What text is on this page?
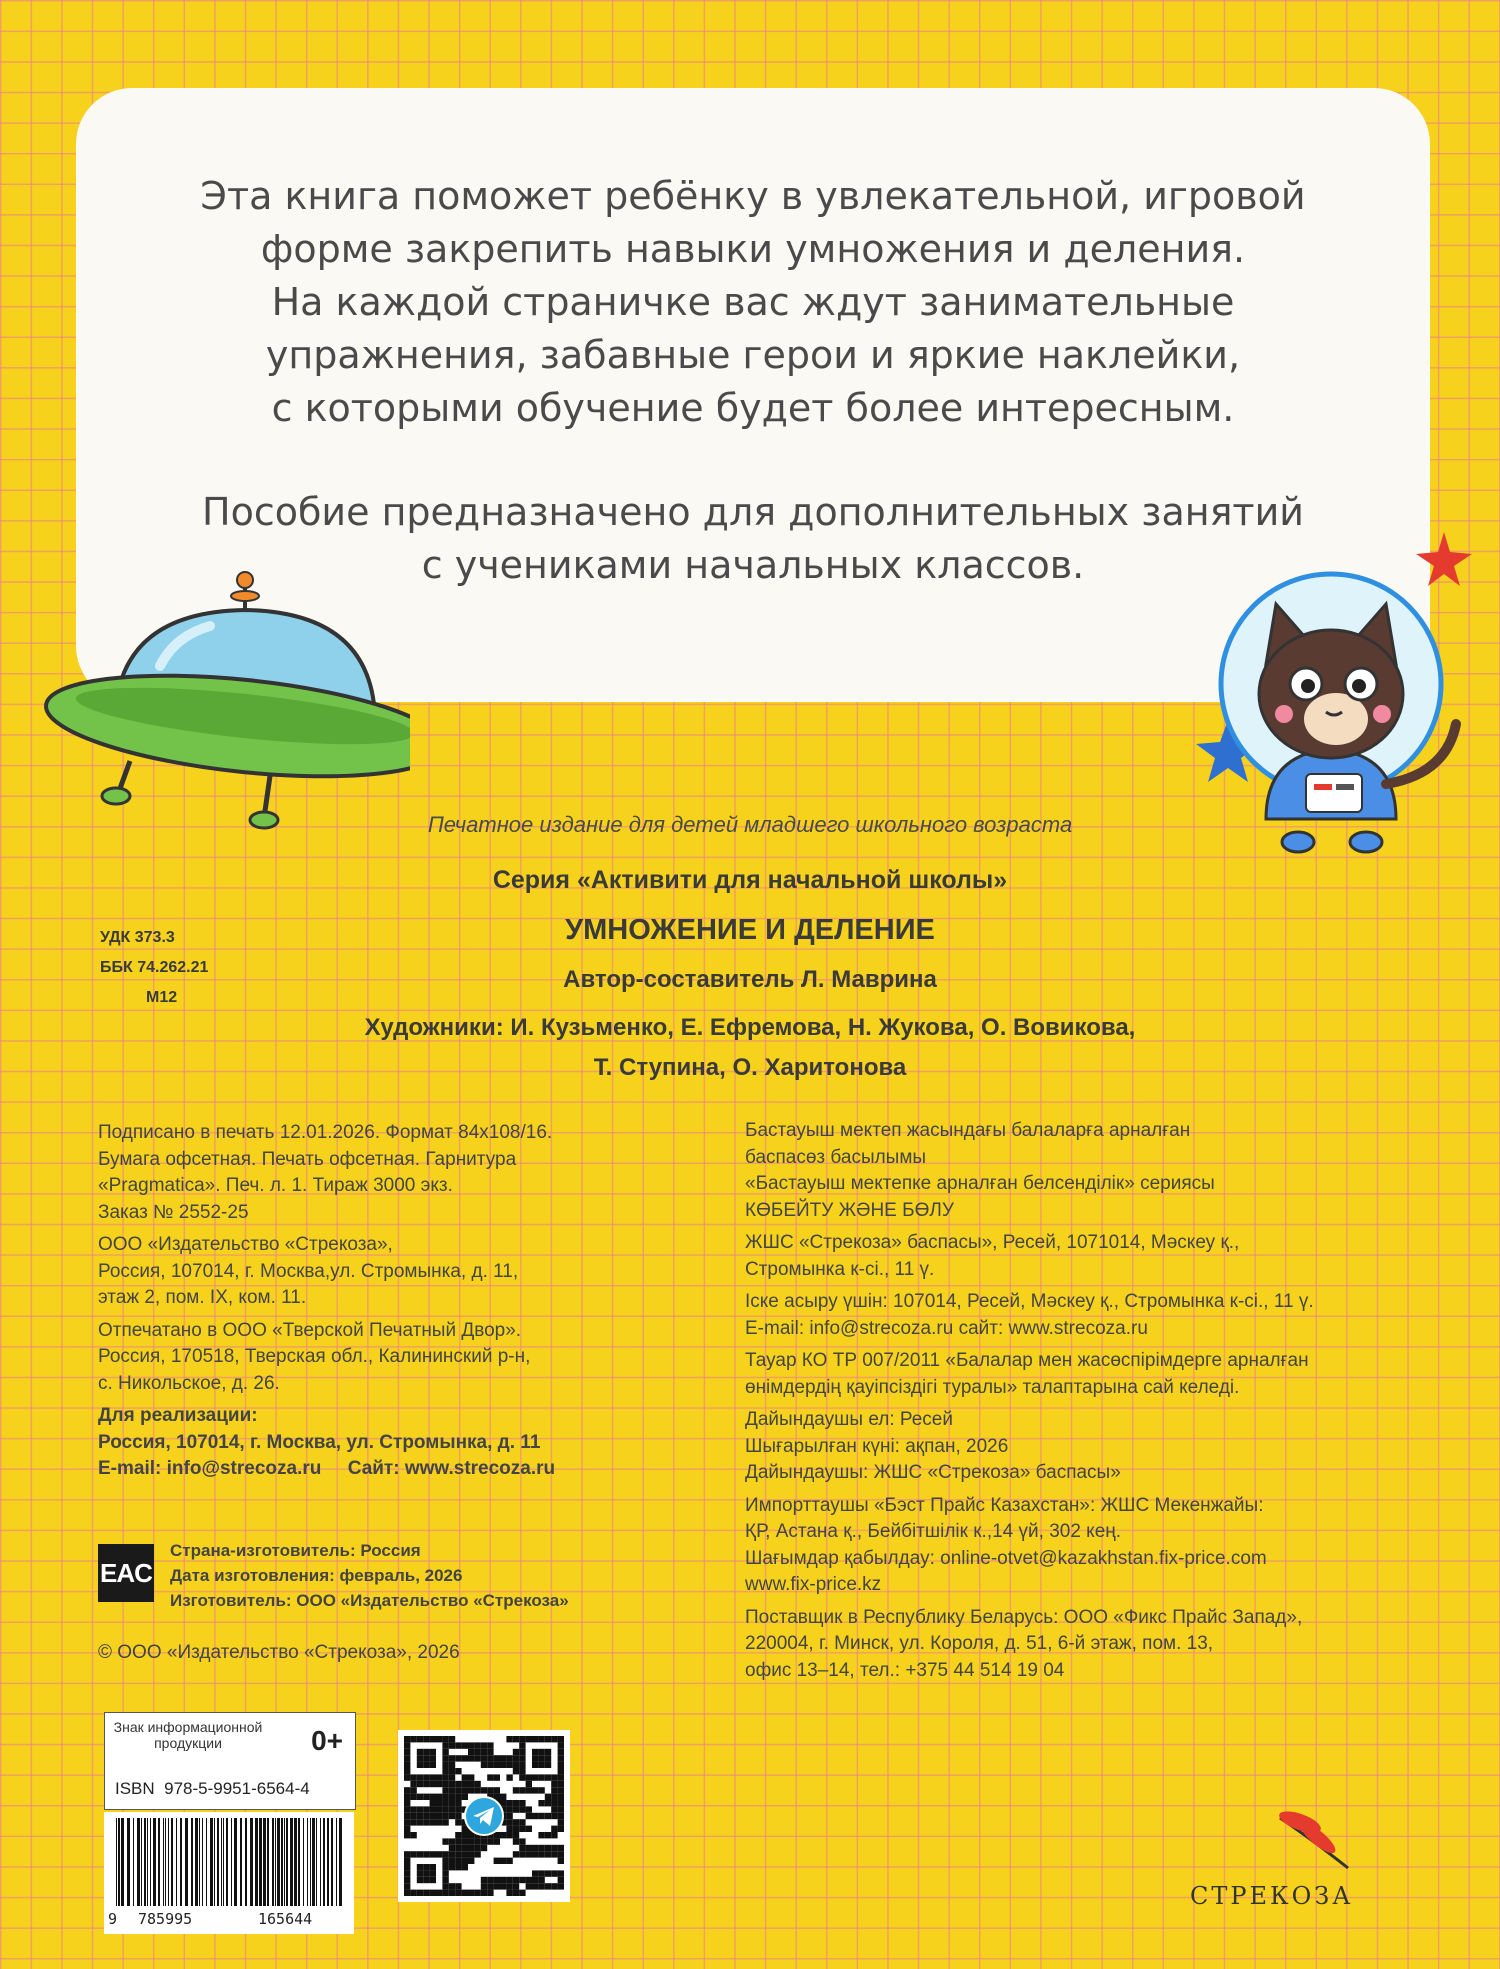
Эта книга поможет ребёнку в увлекательной, игровой
форме закрепить навыки умножения и деления.
На каждой страничке вас ждут занимательные
упражнения, забавные герои и яркие наклейки,
с которыми обучение будет более интересным.
Пособие предназначено для дополнительных занятий
с учениками начальных классов.
Печатное издание для детей младшего школьного возраста
Серия «Активити для начальной школы»
УМНОЖЕНИЕ И ДЕЛЕНИЕ
Автор-составитель Л. Маврина
Художники: И. Кузьменко, Е. Ефремова, Н. Жукова, О. Вовикова,
Т. Ступина, О. Харитонова
УДК 373.3
ББК 74.262.21
М12

Подписано в печать 12.01.2026. Формат 84х108/16.
Бумага офсетная. Печать офсетная. Гарнитура
«Pragmatica». Печ. л. 1. Тираж 3000 экз.
Заказ № 2552-25

ООО «Издательство «Стрекоза»,
Россия, 107014, г. Москва,ул. Стромынка, д. 11,
этаж 2, пом. IX, ком. 11.

Отпечатано в ООО «Тверской Печатный Двор».
Россия, 170518, Тверская обл., Калининский р-н,
с. Никольское, д. 26.

Для реализации:
Россия, 107014, г. Москва, ул. Стромынка, д. 11
E-mail: info@strecoza.ru     Сайт: www.strecoza.ru

EAC
Страна-изготовитель: Россия
Дата изготовления: февраль, 2026
Изготовитель: ООО «Издательство «Стрекоза»
© ООО «Издательство «Стрекоза», 2026

Бастауыш мектеп жасындағы балаларға арналған
баспасөз басылымы
«Бастауыш мектепке арналған белсенділік» сериясы
КӨБЕЙТУ ЖӘНЕ БӨЛУ

ЖШС «Стрекоза» баспасы», Ресей, 1071014, Мәскеу қ.,
Стромынка к-сі., 11 ү.

Іске асыру үшін: 107014, Ресей, Мәскеу қ., Стромынка к-сі., 11 ү.
E-mail: info@strecoza.ru сайт: www.strecoza.ru

Тауар КО ТР 007/2011 «Балалар мен жасөспірімдерге арналған
өнімдердің қауіпсіздігі туралы» талаптарына сай келеді.

Дайындаушы ел: Ресей
Шығарылған күні: ақпан, 2026
Дайындаушы: ЖШС «Стрекоза» баспасы»

Импорттаушы «Бэст Прайс Казахстан»: ЖШС Мекенжайы:
ҚР, Астана қ., Бейбітшілік к.,14 үй, 302 кең.
Шағымдар қабылдау: online-otvet@kazakhstan.fix-price.com
www.fix-price.kz

Поставщик в Республику Беларусь: ООО «Фикс Прайс Запад»,
220004, г. Минск, ул. Короля, д. 51, 6-й этаж, пом. 13,
офис 13–14, тел.: +375 44 514 19 04

Знак информационной продукции	0+
ISBN  978-5-9951-6564-4
9 785995	165644
СТРЕКОЗА
